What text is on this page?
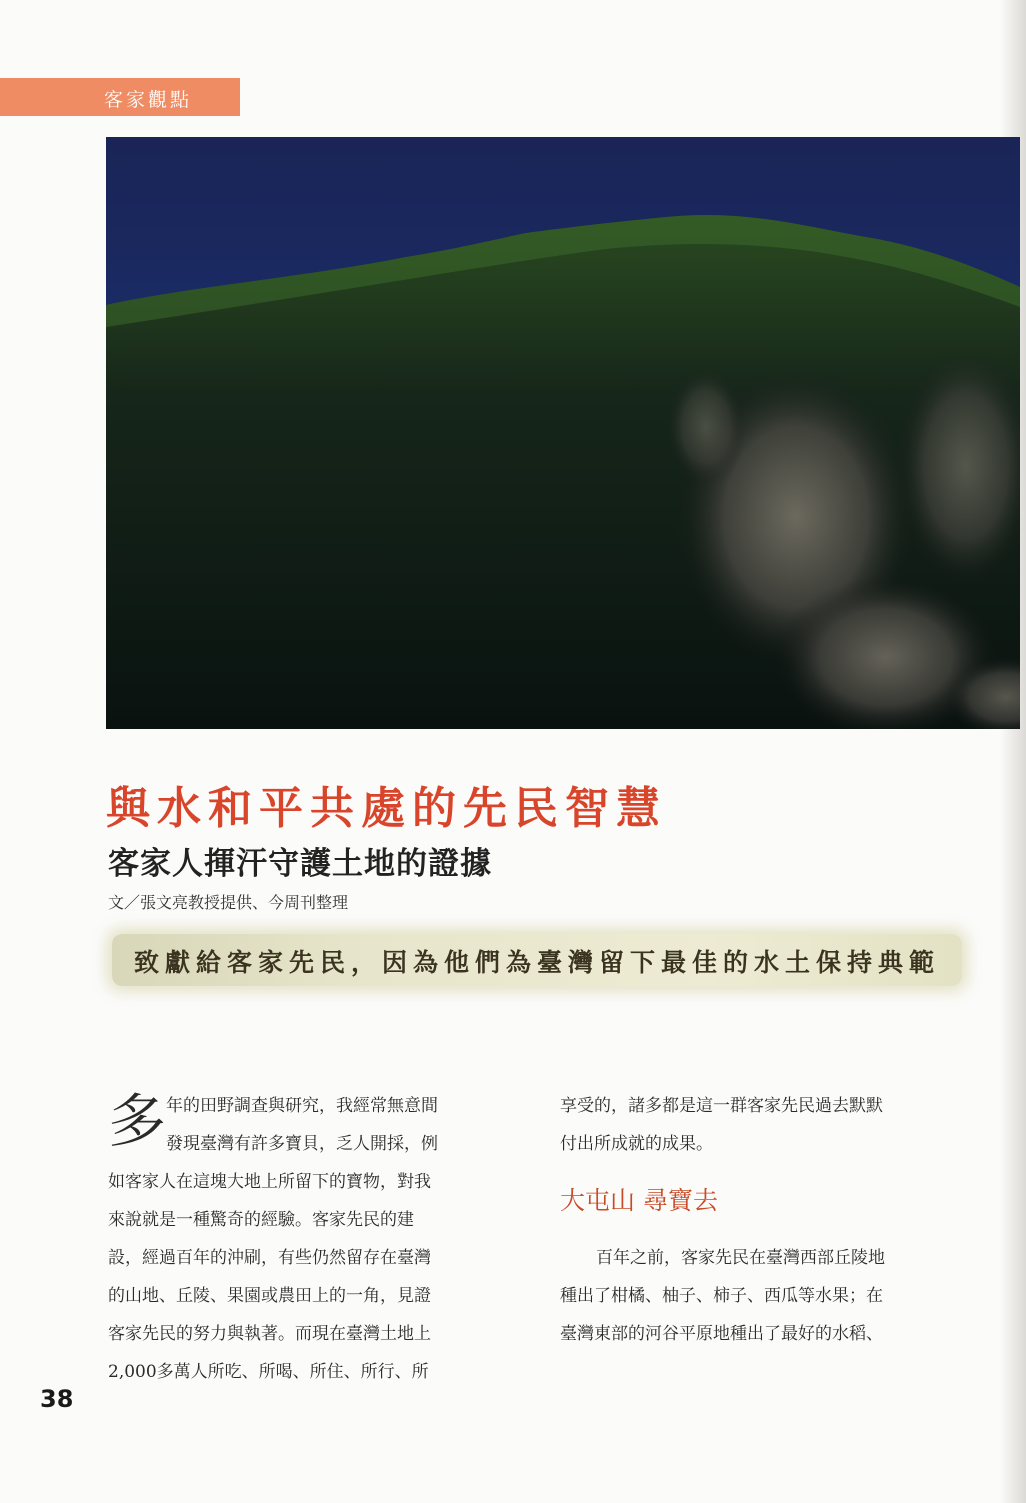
客家觀點
與水和平共處的先民智慧
客家人揮汗守護土地的證據
文／張文亮教授提供、今周刊整理
致獻給客家先民，因為他們為臺灣留下最佳的水土保持典範
多 年的田野調查與研究，我經常無意間
發現臺灣有許多寶貝，乏人開採，例
如客家人在這塊大地上所留下的寶物，對我
來說就是一種驚奇的經驗。客家先民的建
設，經過百年的沖刷，有些仍然留存在臺灣
的山地、丘陵、果園或農田上的一角，見證
客家先民的努力與執著。而現在臺灣土地上
2,000多萬人所吃、所喝、所住、所行、所
享受的，諸多都是這一群客家先民過去默默
付出所成就的成果。
大屯山 尋寶去
百年之前，客家先民在臺灣西部丘陵地
種出了柑橘、柚子、柿子、西瓜等水果；在
臺灣東部的河谷平原地種出了最好的水稻、
38
